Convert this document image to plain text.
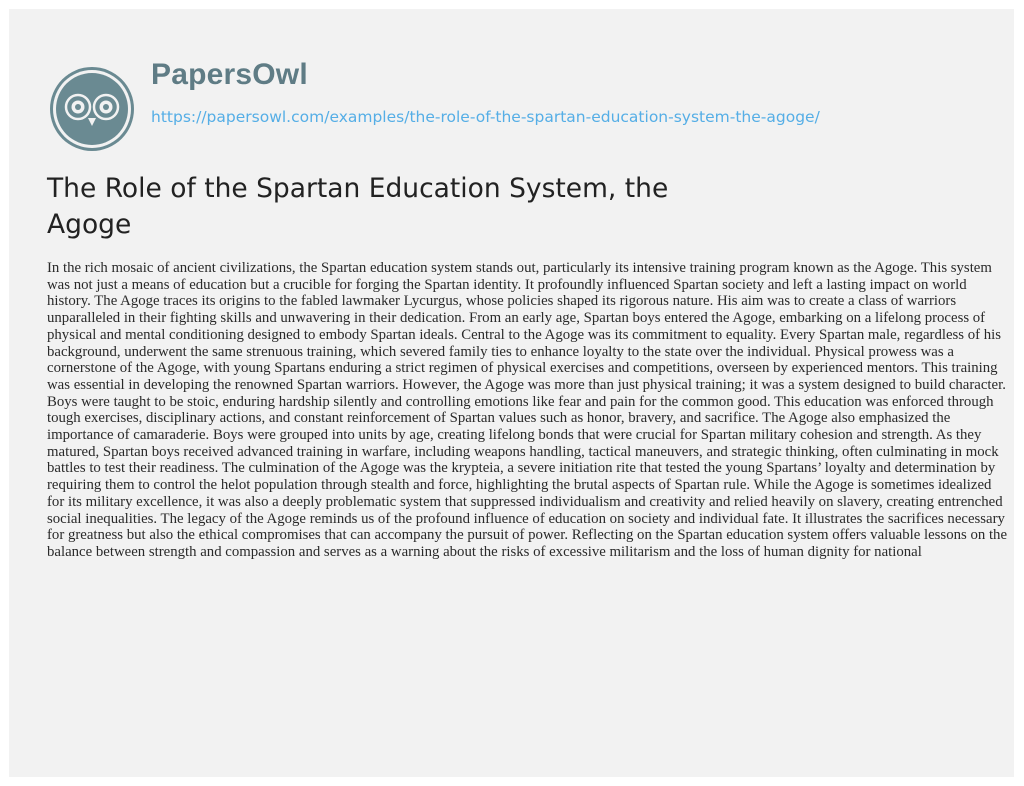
PapersOwl
https://papersowl.com/examples/the-role-of-the-spartan-education-system-the-agoge/
The Role of the Spartan Education System, the Agoge

In the rich mosaic of ancient civilizations, the Spartan education system stands out, particularly its intensive training program known as the Agoge. This system was not just a means of education but a crucible for forging the Spartan identity. It profoundly influenced Spartan society and left a lasting impact on world history. The Agoge traces its origins to the fabled lawmaker Lycurgus, whose policies shaped its rigorous nature. His aim was to create a class of warriors unparalleled in their fighting skills and unwavering in their dedication. From an early age, Spartan boys entered the Agoge, embarking on a lifelong process of physical and mental conditioning designed to embody Spartan ideals. Central to the Agoge was its commitment to equality. Every Spartan male, regardless of his background, underwent the same strenuous training, which severed family ties to enhance loyalty to the state over the individual. Physical prowess was a cornerstone of the Agoge, with young Spartans enduring a strict regimen of physical exercises and competitions, overseen by experienced mentors. This training was essential in developing the renowned Spartan warriors. However, the Agoge was more than just physical training; it was a system designed to build character. Boys were taught to be stoic, enduring hardship silently and controlling emotions like fear and pain for the common good. This education was enforced through tough exercises, disciplinary actions, and constant reinforcement of Spartan values such as honor, bravery, and sacrifice. The Agoge also emphasized the importance of camaraderie. Boys were grouped into units by age, creating lifelong bonds that were crucial for Spartan military cohesion and strength. As they matured, Spartan boys received advanced training in warfare, including weapons handling, tactical maneuvers, and strategic thinking, often culminating in mock battles to test their readiness. The culmination of the Agoge was the krypteia, a severe initiation rite that tested the young Spartans’ loyalty and determination by requiring them to control the helot population through stealth and force, highlighting the brutal aspects of Spartan rule. While the Agoge is sometimes idealized for its military excellence, it was also a deeply problematic system that suppressed individualism and creativity and relied heavily on slavery, creating entrenched social inequalities. The legacy of the Agoge reminds us of the profound influence of education on society and individual fate. It illustrates the sacrifices necessary for greatness but also the ethical compromises that can accompany the pursuit of power. Reflecting on the Spartan education system offers valuable lessons on the balance between strength and compassion and serves as a warning about the risks of excessive militarism and the loss of human dignity for national
